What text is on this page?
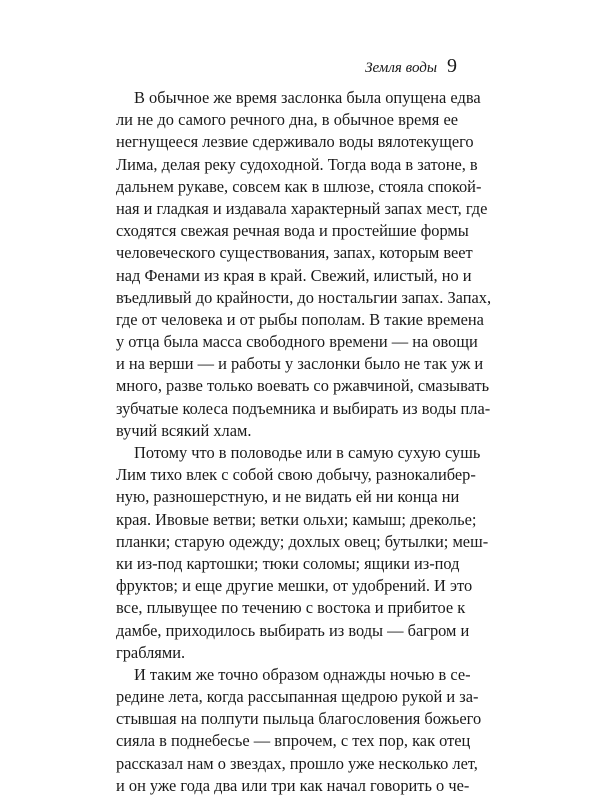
Земля воды 9
В обычное же время заслонка была опущена едва
ли не до самого речного дна, в обычное время ее
негнущееся лезвие сдерживало воды вялотекущего
Лима, делая реку судоходной. Тогда вода в затоне, в
дальнем рукаве, совсем как в шлюзе, стояла спокой-
ная и гладкая и издавала характерный запах мест, где
сходятся свежая речная вода и простейшие формы
человеческого существования, запах, которым веет
над Фенами из края в край. Свежий, илистый, но и
въедливый до крайности, до ностальгии запах. Запах,
где от человека и от рыбы пополам. В такие времена
у отца была масса свободного времени — на овощи
и на верши — и работы у заслонки было не так уж и
много, разве только воевать со ржавчиной, смазывать
зубчатые колеса подъемника и выбирать из воды пла-
вучий всякий хлам.
Потому что в половодье или в самую сухую сушь
Лим тихо влек с собой свою добычу, разнокалибер-
ную, разношерстную, и не видать ей ни конца ни
края. Ивовые ветви; ветки ольхи; камыш; дреколье;
планки; старую одежду; дохлых овец; бутылки; меш-
ки из-под картошки; тюки соломы; ящики из-под
фруктов; и еще другие мешки, от удобрений. И это
все, плывущее по течению с востока и прибитое к
дамбе, приходилось выбирать из воды — багром и
граблями.
И таким же точно образом однажды ночью в се-
редине лета, когда рассыпанная щедрою рукой и за-
стывшая на полпути пыльца благословения божьего
сияла в поднебесье — впрочем, с тех пор, как отец
рассказал нам о звездах, прошло уже несколько лет,
и он уже года два или три как начал говорить о че-
